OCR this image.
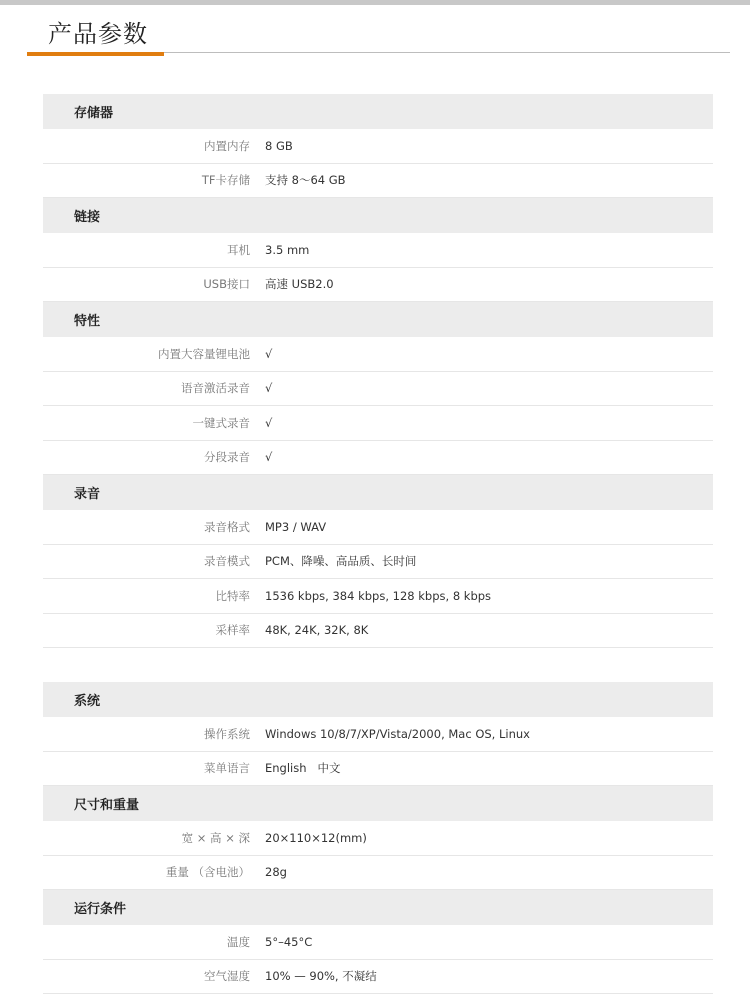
产品参数
存储器
内置内存	8 GB
TF卡存储	支持 8～64 GB
链接
耳机	3.5 mm
USB接口	高速 USB2.0
特性
内置大容量锂电池	√
语音激活录音	√
一键式录音	√
分段录音	√
录音
录音格式	MP3 / WAV
录音模式	PCM、降噪、高品质、长时间
比特率	1536 kbps, 384 kbps, 128 kbps, 8 kbps
采样率	48K, 24K, 32K, 8K
系统
操作系统	Windows 10/8/7/XP/Vista/2000, Mac OS, Linux
菜单语言	English   中文
尺寸和重量
宽 × 高 × 深	20×110×12(mm)
重量 （含电池）	28g
运行条件
温度	5°–45°C
空气湿度	10% — 90%, 不凝结
